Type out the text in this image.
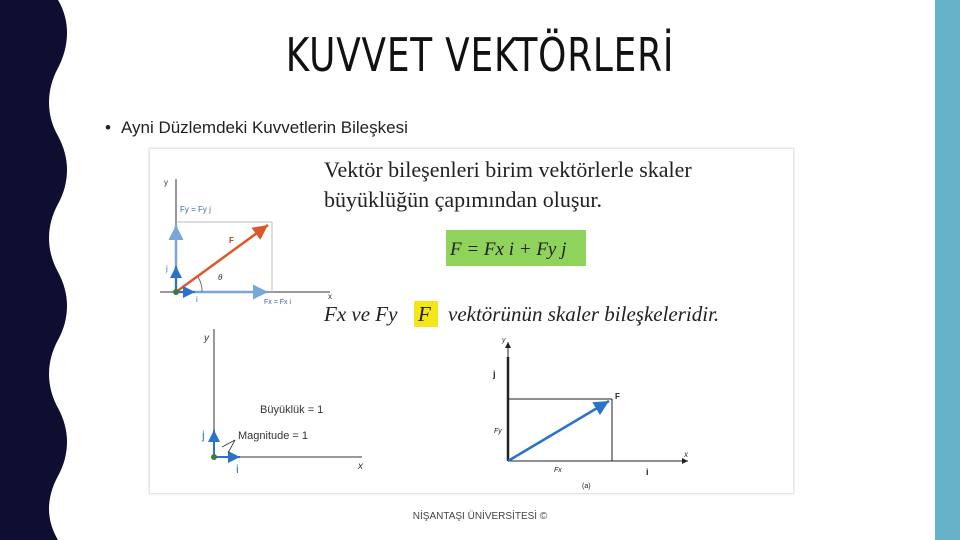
KUVVET VEKTÖRLERİ
• Ayni Düzlemdeki Kuvvetlerin Bileşkesi
Vektör bileşenleri birim vektörlerle skaler
büyüklüğün çapımından oluşur.
F = Fx i + Fy j
Fx ve Fy F vektörünün skaler bileşkeleridir.
y
x
θ
Fy = Fy j
Fx = Fx i
F
j
i
y
x
j
i
Büyüklük = 1
Magnitude = 1
y
x
j
i
F
Fy
Fx
(a)
NİŞANTAŞI ÜNİVERSİTESİ ©
